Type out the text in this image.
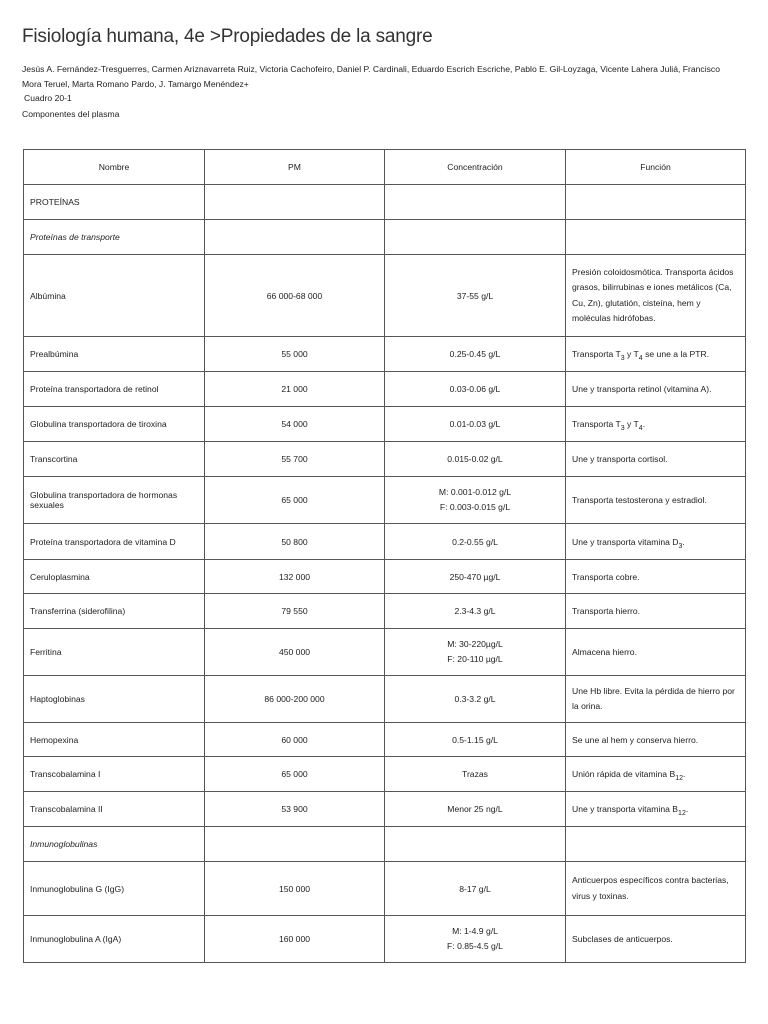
Fisiología humana, 4e >Propiedades de la sangre
Jesús A. Fernández-Tresguerres, Carmen Ariznavarreta Ruiz, Victoria Cachofeiro, Daniel P. Cardinali, Eduardo Escrich Escriche, Pablo E. Gil-Loyzaga, Vicente Lahera Juliá, Francisco Mora Teruel, Marta Romano Pardo, J. Tamargo Menéndez+
Cuadro 20-1
Componentes del plasma
Nombre	PM	Concentración	Función
PROTEÍNAS			
Proteínas de transporte			
Albúmina	66 000-68 000	37-55 g/L	Presión coloidosmótica. Transporta ácidos grasos, bilirrubinas e iones metálicos (Ca, Cu, Zn), glutatión, cisteína, hem y moléculas hidrófobas.
Prealbúmina	55 000	0.25-0.45 g/L	Transporta $T_3$ y $T_4$ se une a la PTR.
Proteína transportadora de retinol	21 000	0.03-0.06 g/L	Une y transporta retinol (vitamina A).
Globulina transportadora de tiroxina	54 000	0.01-0.03 g/L	Transporta $T_3$ y $T_4$.
Transcortina	55 700	0.015-0.02 g/L	Une y transporta cortisol.
Globulina transportadora de hormonas sexuales	65 000	M: 0.001-0.012 g/L
F: 0.003-0.015 g/L	Transporta testosterona y estradiol.
Proteína transportadora de vitamina D	50 800	0.2-0.55 g/L	Une y transporta vitamina $D_3$.
Ceruloplasmina	132 000	250-470 µg/L	Transporta cobre.
Transferrina (siderofilina)	79 550	2.3-4.3 g/L	Transporta hierro.
Ferritina	450 000	M: 30-220µg/L
F: 20-110 µg/L	Almacena hierro.
Haptoglobinas	86 000-200 000	0.3-3.2 g/L	Une Hb libre. Evita la pérdida de hierro por la orina.
Hemopexina	60 000	0.5-1.15 g/L	Se une al hem y conserva hierro.
Transcobalamina I	65 000	Trazas	Unión rápida de vitamina $B_{12}$.
Transcobalamina II	53 900	Menor 25 ng/L	Une y transporta vitamina $B_{12}$.
Inmunoglobulinas			
Inmunoglobulina G (IgG)	150 000	8-17 g/L	Anticuerpos específicos contra bacterias, virus y toxinas.
Inmunoglobulina A (IgA)	160 000	M: 1-4.9 g/L
F: 0.85-4.5 g/L	Subclases de anticuerpos.
